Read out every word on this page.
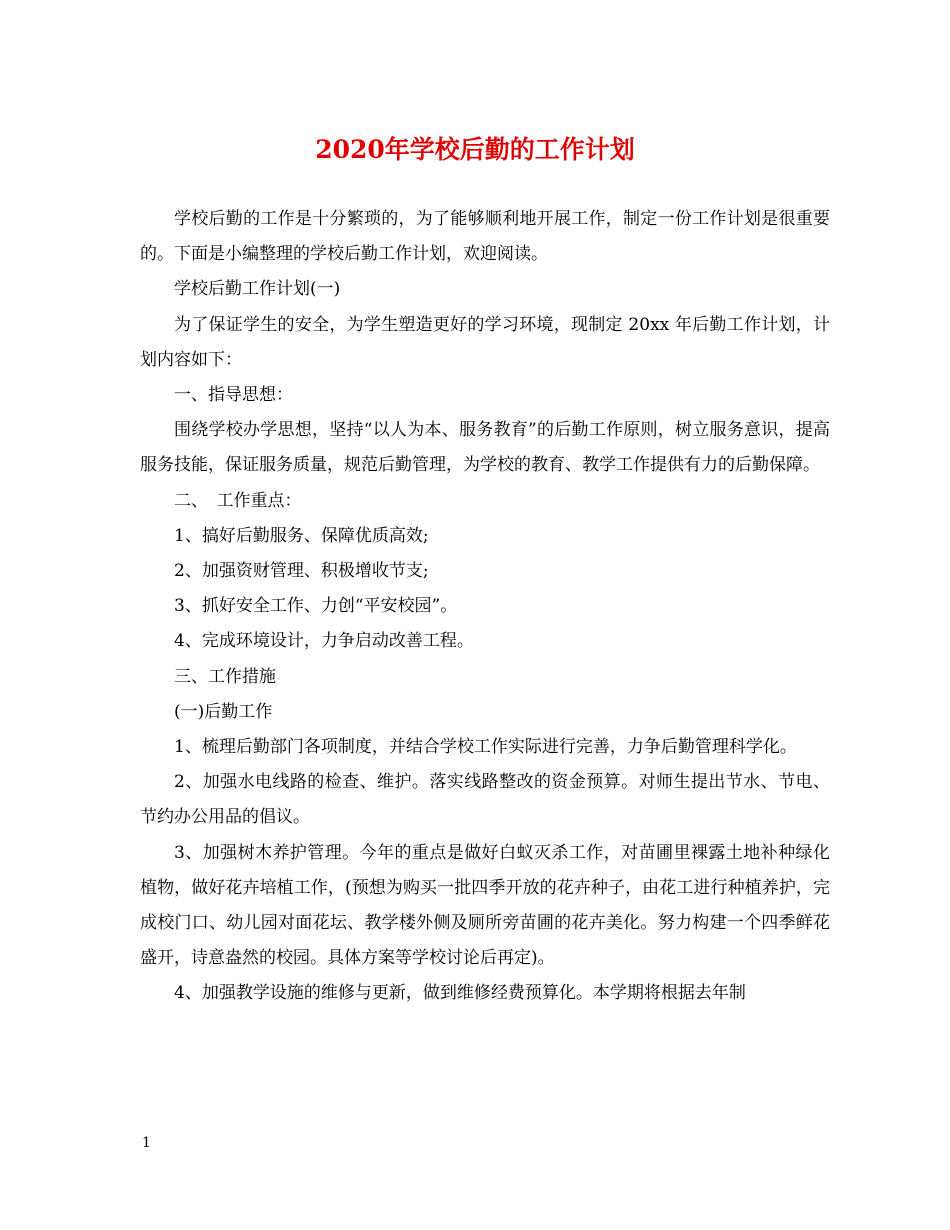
2020年学校后勤的工作计划

学校后勤的工作是十分繁琐的，为了能够顺利地开展工作，制定一份工作计划是很重要的。下面是小编整理的学校后勤工作计划，欢迎阅读。

学校后勤工作计划(一)

为了保证学生的安全，为学生塑造更好的学习环境，现制定 20xx 年后勤工作计划，计划内容如下：

一、指导思想：

围绕学校办学思想，坚持“以人为本、服务教育”的后勤工作原则，树立服务意识，提高服务技能，保证服务质量，规范后勤管理，为学校的教育、教学工作提供有力的后勤保障。

二、　工作重点：

1、搞好后勤服务、保障优质高效;

2、加强资财管理、积极增收节支;

3、抓好安全工作、力创“平安校园”。

4、完成环境设计，力争启动改善工程。

三、工作措施

(一)后勤工作

1、梳理后勤部门各项制度，并结合学校工作实际进行完善，力争后勤管理科学化。

2、加强水电线路的检查、维护。落实线路整改的资金预算。对师生提出节水、节电、节约办公用品的倡议。

3、加强树木养护管理。今年的重点是做好白蚁灭杀工作，对苗圃里裸露土地补种绿化植物，做好花卉培植工作，(预想为购买一批四季开放的花卉种子，由花工进行种植养护，完成校门口、幼儿园对面花坛、教学楼外侧及厕所旁苗圃的花卉美化。努力构建一个四季鲜花盛开，诗意盎然的校园。具体方案等学校讨论后再定)。

4、加强教学设施的维修与更新，做到维修经费预算化。本学期将根据去年制

1
